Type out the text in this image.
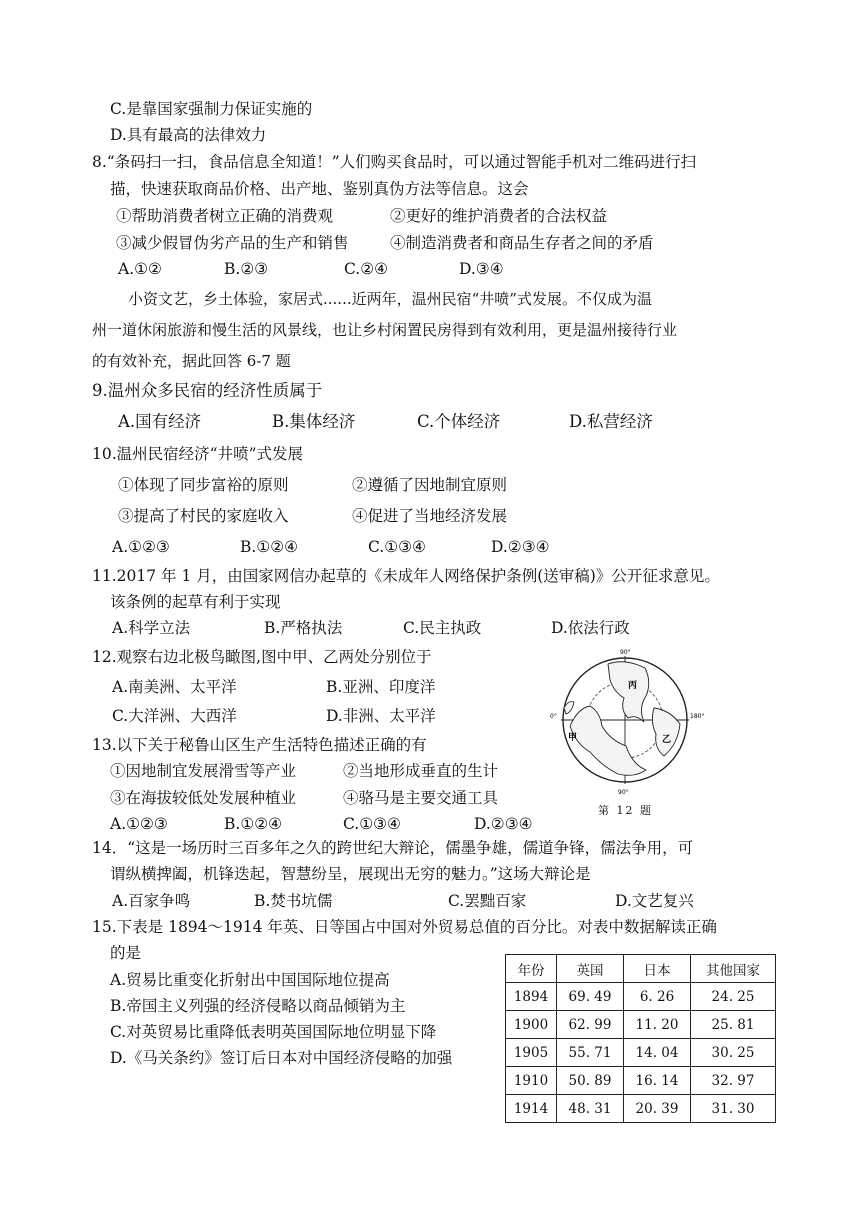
C.是靠国家强制力保证实施的
D.具有最高的法律效力
8.“条码扫一扫，食品信息全知道！”人们购买食品时，可以通过智能手机对二维码进行扫
描，快速获取商品价格、出产地、鉴别真伪方法等信息。这会
①帮助消费者树立正确的消费观	②更好的维护消费者的合法权益
③减少假冒伪劣产品的生产和销售	④制造消费者和商品生存者之间的矛盾
A.①②	B.②③	C.②④	D.③④
小资文艺，乡土体验，家居式......近两年，温州民宿“井喷”式发展。不仅成为温
州一道休闲旅游和慢生活的风景线，也让乡村闲置民房得到有效利用，更是温州接待行业
的有效补充，据此回答 6-7 题
9.温州众多民宿的经济性质属于
A.国有经济	B.集体经济	C.个体经济	D.私营经济
10.温州民宿经济“井喷”式发展
①体现了同步富裕的原则	②遵循了因地制宜原则
③提高了村民的家庭收入	④促进了当地经济发展
A.①②③	B.①②④	C.①③④	D.②③④
11.2017 年 1 月，由国家网信办起草的《未成年人网络保护条例(送审稿)》公开征求意见。
该条例的起草有利于实现
A.科学立法	B.严格执法	C.民主执政	D.依法行政
12.观察右边北极鸟瞰图,图中甲、乙两处分别位于
A.南美洲、太平洋	B.亚洲、印度洋
C.大洋洲、大西洋	D.非洲、太平洋
90°
90°
0°	180°
丙
甲	乙
第 12 题
13.以下关于秘鲁山区生产生活特色描述正确的有
①因地制宜发展滑雪等产业	②当地形成垂直的生计
③在海拔较低处发展种植业	④骆马是主要交通工具
A.①②③	B.①②④	C.①③④	D.②③④
14．“这是一场历时三百多年之久的跨世纪大辩论，儒墨争雄，儒道争锋，儒法争用，可
谓纵横捭阖，机锋迭起，智慧纷呈，展现出无穷的魅力。”这场大辩论是
A.百家争鸣	B.焚书坑儒	C.罢黜百家	D.文艺复兴
15.下表是 1894～1914 年英、日等国占中国对外贸易总值的百分比。对表中数据解读正确
的是
A.贸易比重变化折射出中国国际地位提高
B.帝国主义列强的经济侵略以商品倾销为主
C.对英贸易比重降低表明英国国际地位明显下降
D.《马关条约》签订后日本对中国经济侵略的加强
年份	英国	日本	其他国家
1894	69. 49	6. 26	24. 25
1900	62. 99	11. 20	25. 81
1905	55. 71	14. 04	30. 25
1910	50. 89	16. 14	32. 97
1914	48. 31	20. 39	31. 30
